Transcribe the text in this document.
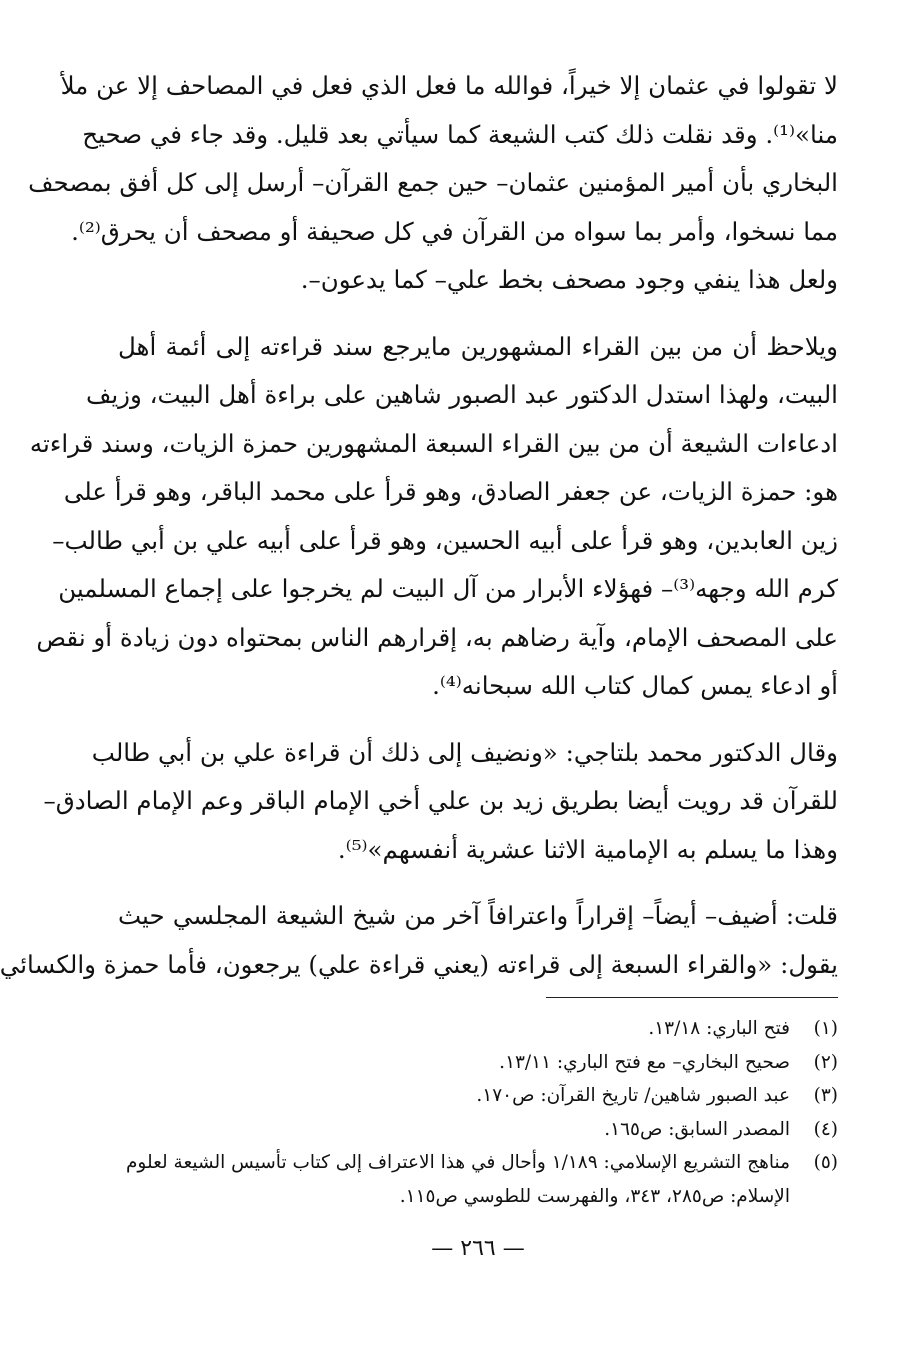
لا تقولوا في عثمان إلا خيراً، فوالله ما فعل الذي فعل في المصاحف إلا عن ملأ
منا»⁽¹⁾. وقد نقلت ذلك كتب الشيعة كما سيأتي بعد قليل. وقد جاء في صحيح
البخاري بأن أمير المؤمنين عثمان– حين جمع القرآن– أرسل إلى كل أفق بمصحف
مما نسخوا، وأمر بما سواه من القرآن في كل صحيفة أو مصحف أن يحرق⁽²⁾.
ولعل هذا ينفي وجود مصحف بخط علي– كما يدعون–.

ويلاحظ أن من بين القراء المشهورين مايرجع سند قراءته إلى أئمة أهل
البيت، ولهذا استدل الدكتور عبد الصبور شاهين على براءة أهل البيت، وزيف
ادعاءات الشيعة أن من بين القراء السبعة المشهورين حمزة الزيات، وسند قراءته
هو: حمزة الزيات، عن جعفر الصادق، وهو قرأ على محمد الباقر، وهو قرأ على
زين العابدين، وهو قرأ على أبيه الحسين، وهو قرأ على أبيه علي بن أبي طالب–
كرم الله وجهه⁽³⁾– فهؤلاء الأبرار من آل البيت لم يخرجوا على إجماع المسلمين
على المصحف الإمام، وآية رضاهم به، إقرارهم الناس بمحتواه دون زيادة أو نقص
أو ادعاء يمس كمال كتاب الله سبحانه⁽⁴⁾.

وقال الدكتور محمد بلتاجي: «ونضيف إلى ذلك أن قراءة علي بن أبي طالب
للقرآن قد رويت أيضا بطريق زيد بن علي أخي الإمام الباقر وعم الإمام الصادق–
وهذا ما يسلم به الإمامية الاثنا عشرية أنفسهم»⁽⁵⁾.

قلت: أضيف– أيضاً– إقراراً واعترافاً آخر من شيخ الشيعة المجلسي حيث
يقول: «والقراء السبعة إلى قراءته (يعني قراءة علي) يرجعون، فأما حمزة والكسائي

(١)
فتح الباري: ١٣/١٨.
(٢)
صحيح البخاري– مع فتح الباري: ١٣/١١.
(٣)
عبد الصبور شاهين/ تاريخ القرآن: ص١٧٠.
(٤)
المصدر السابق: ص١٦٥.
(٥)
مناهج التشريع الإسلامي: ١/١٨٩ وأحال في هذا الاعتراف إلى كتاب تأسيس الشيعة لعلوم
الإسلام: ص٢٨٥، ٣٤٣، والفهرست للطوسي ص١١٥.
— ٢٦٦ —
